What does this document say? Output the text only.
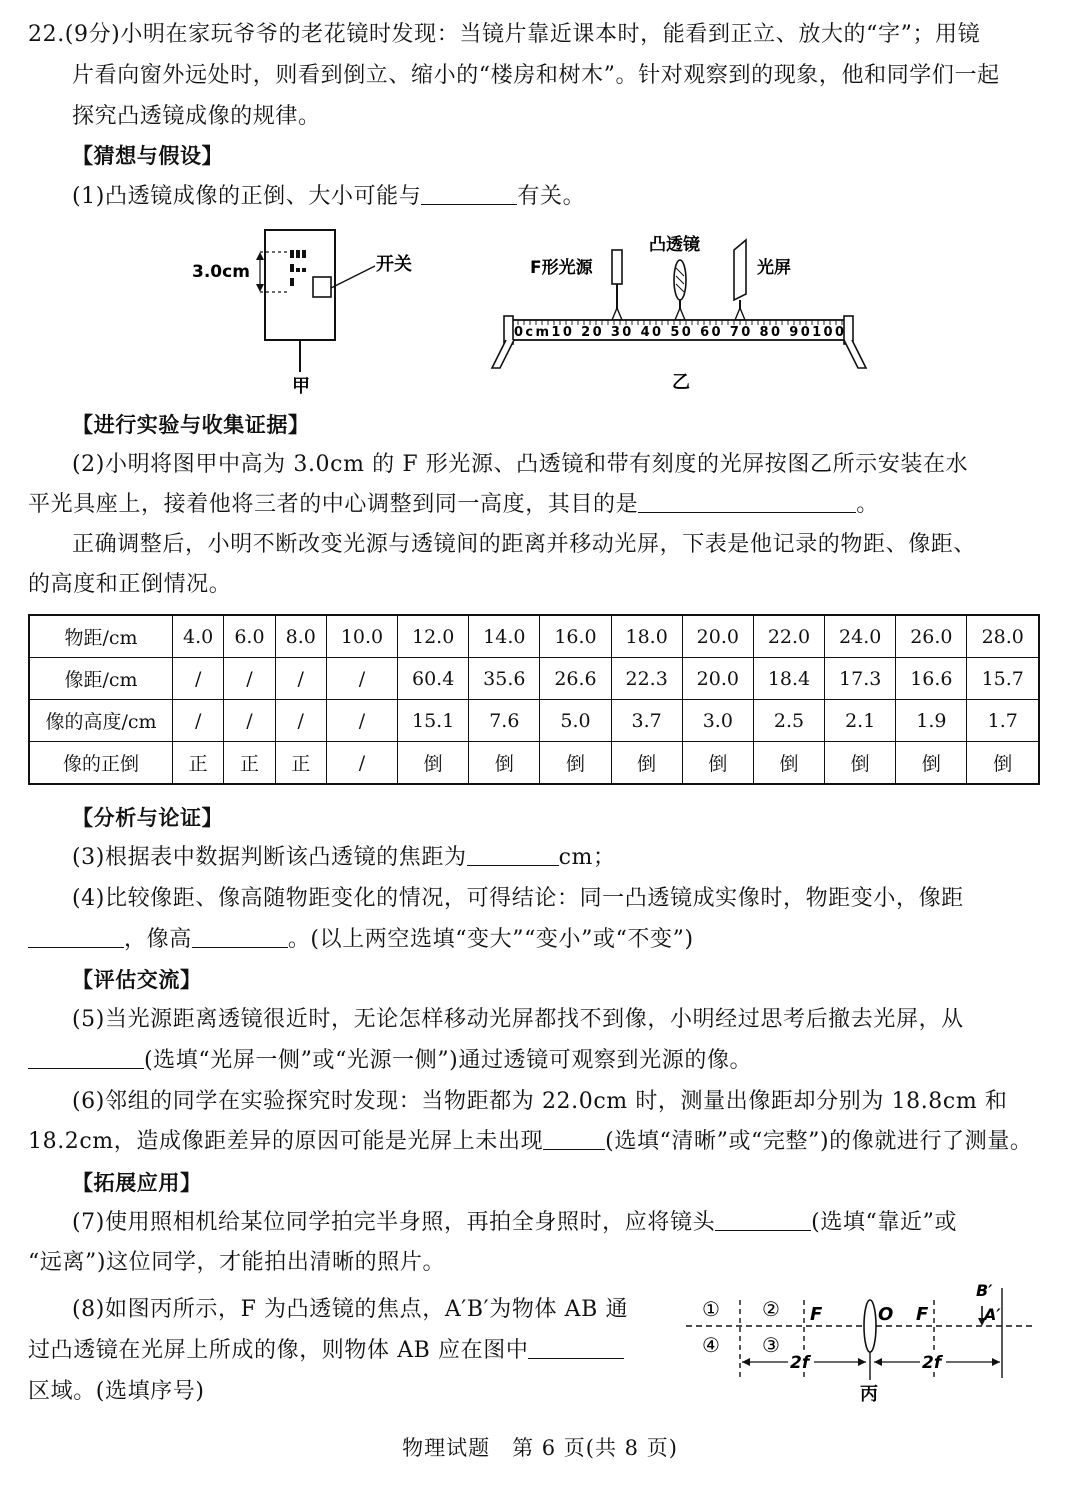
22.(9分)小明在家玩爷爷的老花镜时发现：当镜片靠近课本时，能看到正立、放大的“字”；用镜
片看向窗外远处时，则看到倒立、缩小的“楼房和树木”。针对观察到的现象，他和同学们一起
探究凸透镜成像的规律。
【猜想与假设】
(1)凸透镜成像的正倒、大小可能与	有关。
3.0cm	开关
甲
F形光源
凸透镜
光屏
0cm10 20 30 40 50 60 70 80 90100
乙
【进行实验与收集证据】
(2)小明将图甲中高为 3.0cm 的 F 形光源、凸透镜和带有刻度的光屏按图乙所示安装在水
平光具座上，接着他将三者的中心调整到同一高度，其目的是	。
正确调整后，小明不断改变光源与透镜间的距离并移动光屏，下表是他记录的物距、像距、
的高度和正倒情况。
物距/cm	4.0	6.0	8.0	10.0	12.0	14.0	16.0	18.0	20.0	22.0	24.0	26.0	28.0
像距/cm	/	/	/	/	60.4	35.6	26.6	22.3	20.0	18.4	17.3	16.6	15.7
像的高度/cm	/	/	/	/	15.1	7.6	5.0	3.7	3.0	2.5	2.1	1.9	1.7
像的正倒	正	正	正	/	倒	倒	倒	倒	倒	倒	倒	倒	倒
【分析与论证】
(3)根据表中数据判断该凸透镜的焦距为	cm；
(4)比较像距、像高随物距变化的情况，可得结论：同一凸透镜成实像时，物距变小，像距
，像高	。(以上两空选填“变大”“变小”或“不变”)
【评估交流】
(5)当光源距离透镜很近时，无论怎样移动光屏都找不到像，小明经过思考后撤去光屏，从
(选填“光屏一侧”或“光源一侧”)通过透镜可观察到光源的像。
(6)邻组的同学在实验探究时发现：当物距都为 22.0cm 时，测量出像距却分别为 18.8cm 和
18.2cm，造成像距差异的原因可能是光屏上未出现	(选填“清晰”或“完整”)的像就进行了测量。
【拓展应用】
(7)使用照相机给某位同学拍完半身照，再拍全身照时，应将镜头	(选填“靠近”或
“远离”)这位同学，才能拍出清晰的照片。
(8)如图丙所示，F 为凸透镜的焦点，A′B′为物体 AB 通
过凸透镜在光屏上所成的像，则物体 AB 应在图中
区域。(选填序号)
① ②
④ ③
F	O F
B′
A′
2f	2f
丙
物理试题　第 6 页(共 8 页)
